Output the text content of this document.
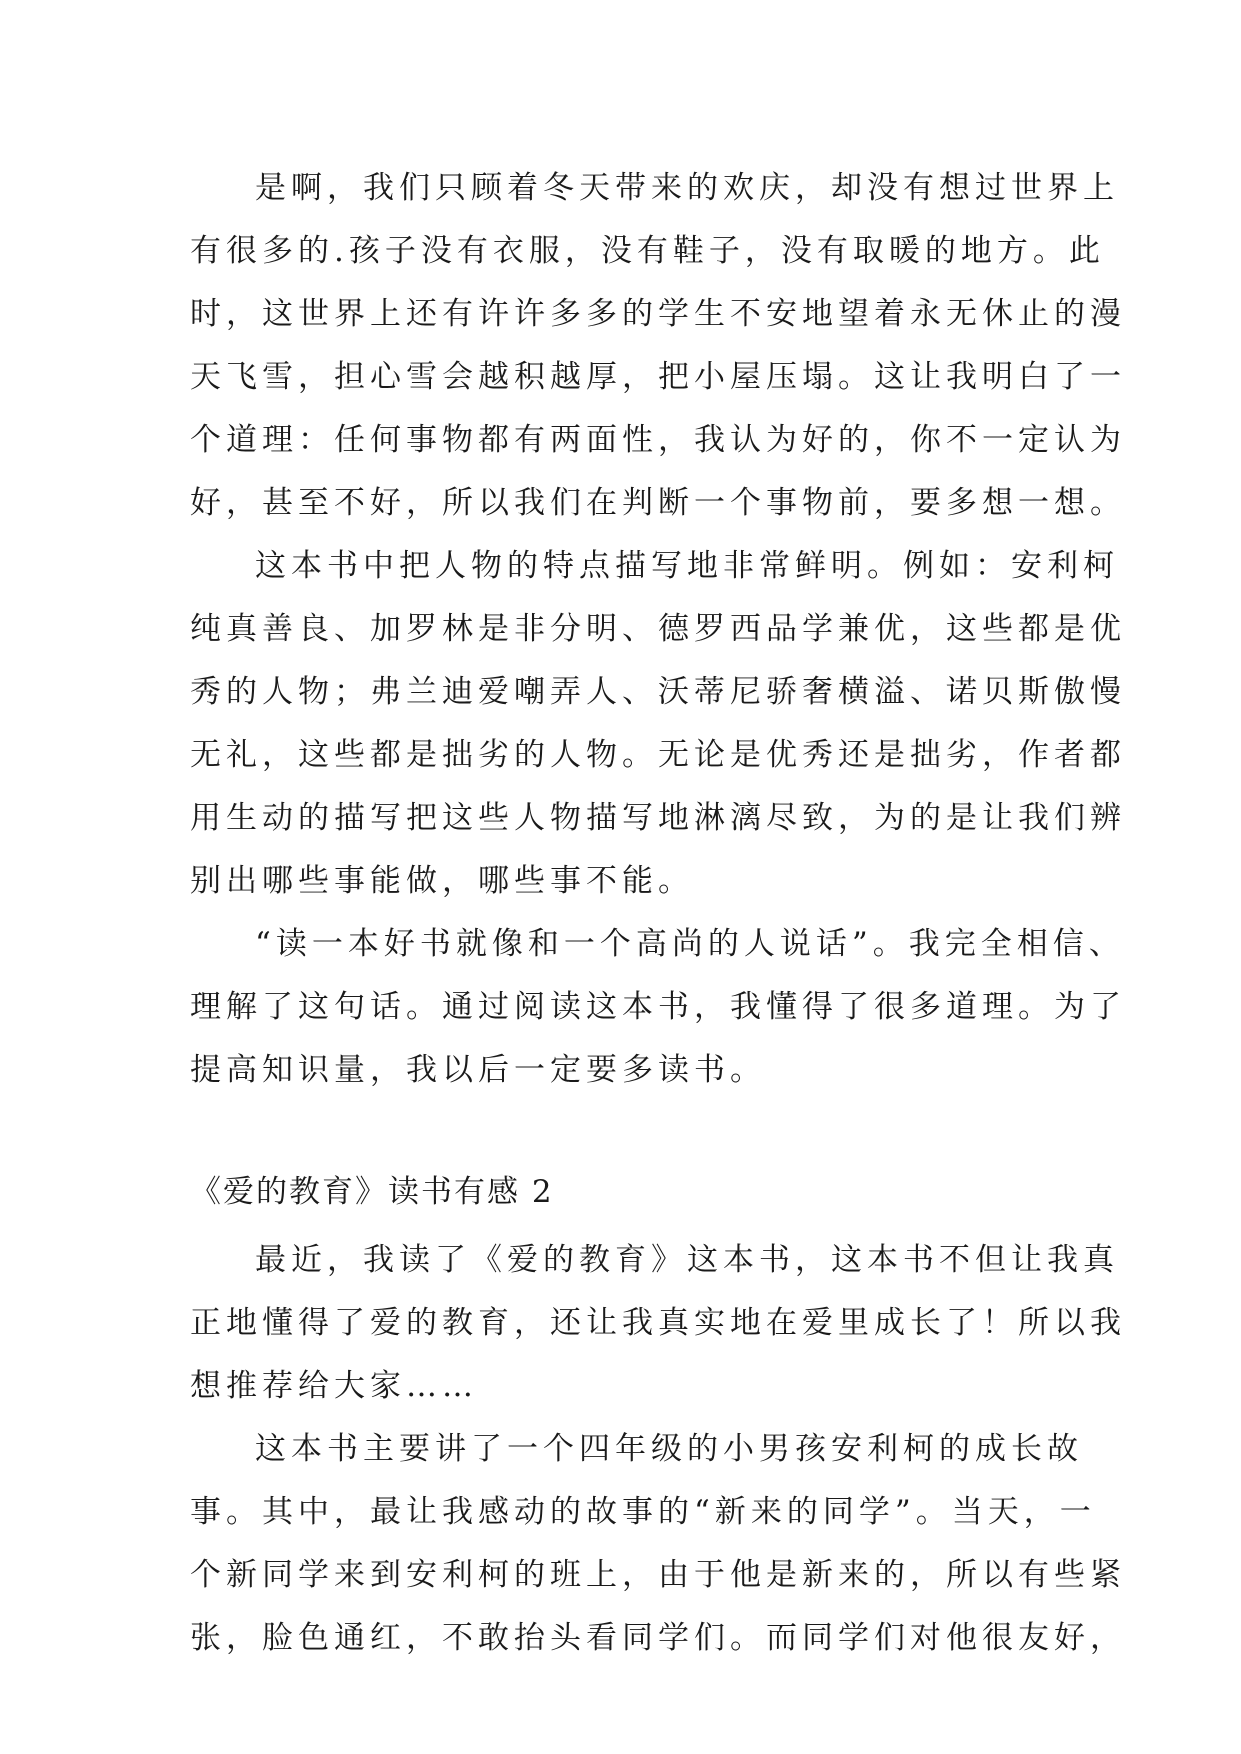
是啊，我们只顾着冬天带来的欢庆，却没有想过世界上
有很多的.孩子没有衣服，没有鞋子，没有取暖的地方。此
时，这世界上还有许许多多的学生不安地望着永无休止的漫
天飞雪，担心雪会越积越厚，把小屋压塌。这让我明白了一
个道理：任何事物都有两面性，我认为好的，你不一定认为
好，甚至不好，所以我们在判断一个事物前，要多想一想。
这本书中把人物的特点描写地非常鲜明。例如：安利柯
纯真善良、加罗林是非分明、德罗西品学兼优，这些都是优
秀的人物；弗兰迪爱嘲弄人、沃蒂尼骄奢横溢、诺贝斯傲慢
无礼，这些都是拙劣的人物。无论是优秀还是拙劣，作者都
用生动的描写把这些人物描写地淋漓尽致，为的是让我们辨
别出哪些事能做，哪些事不能。
“读一本好书就像和一个高尚的人说话”。我完全相信、
理解了这句话。通过阅读这本书，我懂得了很多道理。为了
提高知识量，我以后一定要多读书。
《爱的教育》读书有感 2
最近，我读了《爱的教育》这本书，这本书不但让我真
正地懂得了爱的教育，还让我真实地在爱里成长了！所以我
想推荐给大家……
这本书主要讲了一个四年级的小男孩安利柯的成长故
事。其中，最让我感动的故事的“新来的同学”。当天，一
个新同学来到安利柯的班上，由于他是新来的，所以有些紧
张，脸色通红，不敢抬头看同学们。而同学们对他很友好，
